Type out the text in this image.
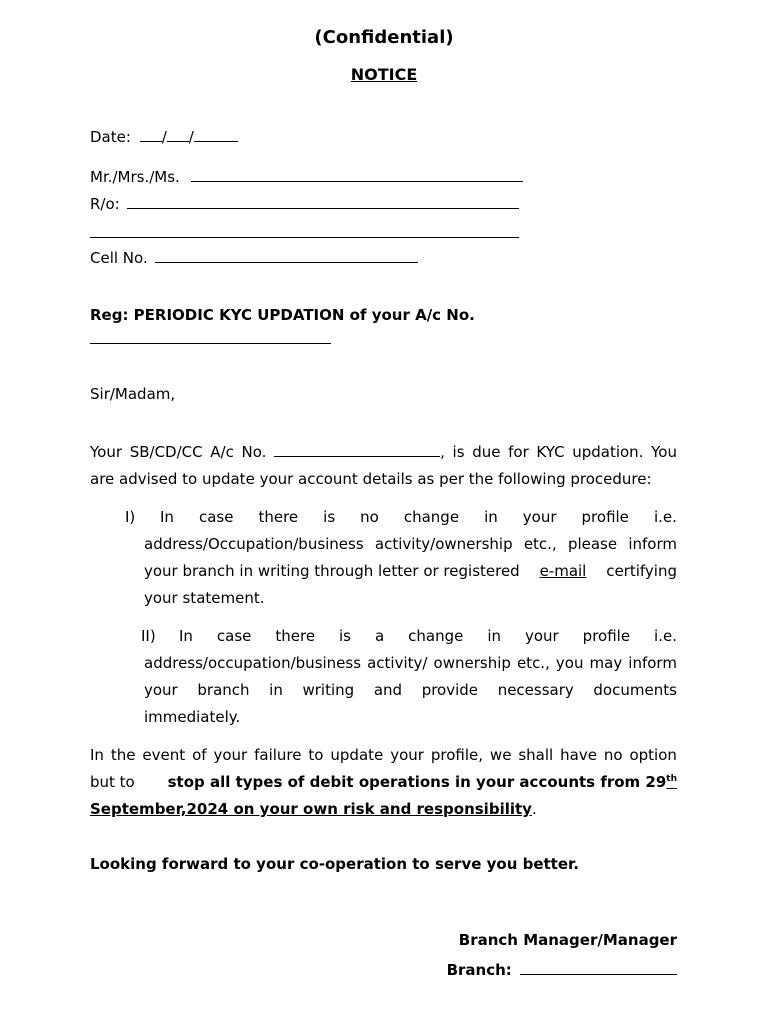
(Confidential)
NOTICE
Date: / /
Mr./Mrs./Ms.
R/o:
Cell No.
Reg: PERIODIC KYC UPDATION of your A/c No.
Sir/Madam,
Your SB/CD/CC A/c No.	, is due for KYC updation. You
are advised to update your account details as per the following procedure:
I) In case there is no change in your profile i.e.
address/Occupation/business activity/ownership etc., please inform
your branch in writing through letter or registered e-mail certifying
your statement.
II) In case there is a change in your profile i.e.
address/occupation/business activity/ ownership etc., you may inform
your branch in writing and provide necessary documents
immediately.
In the event of your failure to update your profile, we shall have no option
but to stop all types of debit operations in your accounts from 29th
September,2024 on your own risk and responsibility .
Looking forward to your co-operation to serve you better.
Branch Manager/Manager
Branch:
